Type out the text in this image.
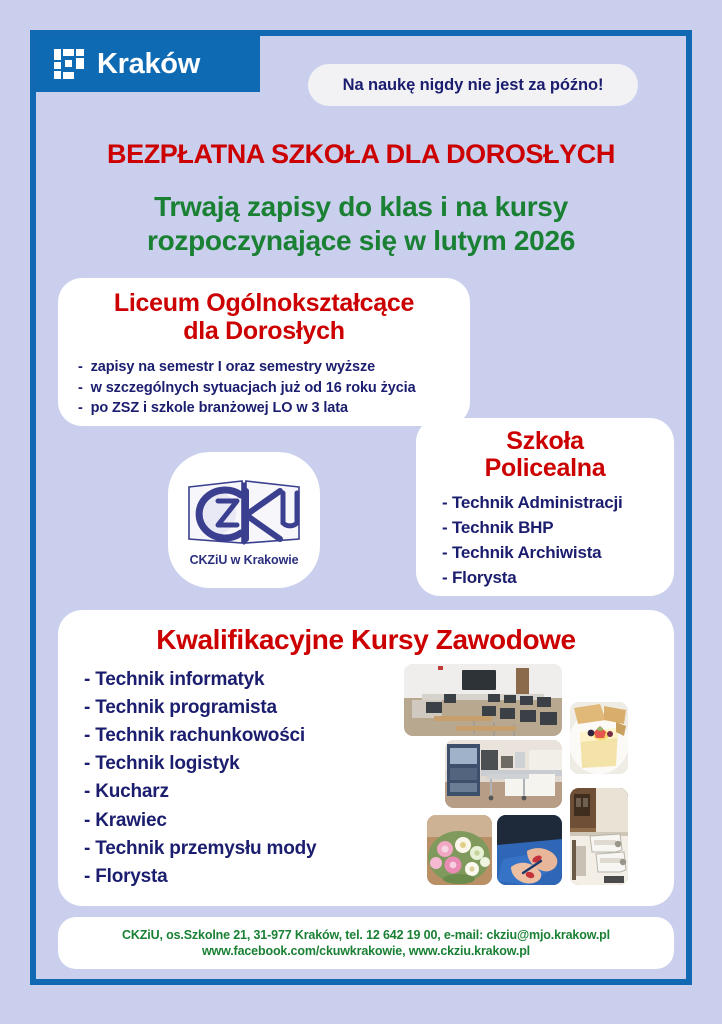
Kraków
Na naukę nigdy nie jest za późno!
BEZPŁATNA SZKOŁA DLA DOROSŁYCH
Trwają zapisy do klas i na kursy
rozpoczynające się w lutym 2026
Liceum Ogólnokształcące
dla Dorosłych
- zapisy na semestr I oraz semestry wyższe
- w szczególnych sytuacjach już od 16 roku życia
- po ZSZ i szkole branżowej LO w 3 lata
Szkoła
Policealna
- Technik Administracji
- Technik BHP
- Technik Archiwista
- Florysta
CKZiU w Krakowie
Kwalifikacyjne Kursy Zawodowe
- Technik informatyk
- Technik programista
- Technik rachunkowości
- Technik logistyk
- Kucharz
- Krawiec
- Technik przemysłu mody
- Florysta
CKZiU, os.Szkolne 21, 31-977 Kraków, tel. 12 642 19 00, e-mail: ckziu@mjo.krakow.pl
www.facebook.com/ckuwkrakowie, www.ckziu.krakow.pl
